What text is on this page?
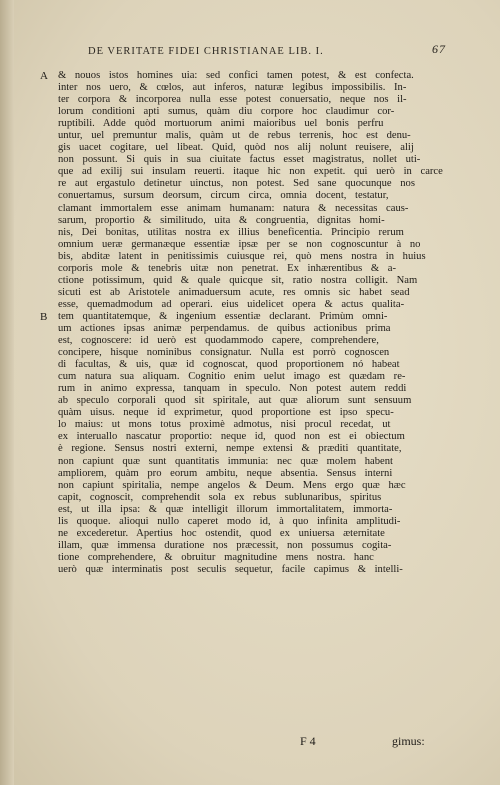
DE VERITATE FIDEI CHRISTIANAE LIB. I.	67
A & nouos istos homines uia: sed confici tamen potest, & est confecta.
inter nos uero, & cœlos, aut inferos, naturæ legibus impossibilis. In-
ter corpora & incorporea nulla esse potest conuersatio, neque nos il-
lorum conditioni apti sumus, quàm diu corpore hoc claudimur cor-
ruptibili. Adde quòd mortuorum animi maioribus uel bonis perfru
untur, uel premuntur malis, quàm ut de rebus terrenis, hoc est denu-
gis uacet cogitare, uel libeat. Quid, quòd nos alij nolunt reuisere, alij
non possunt. Si quis in sua ciuitate factus esset magistratus, nollet uti-
que ad exilij sui insulam reuerti. itaque hic non expetit. qui uerò in carce
re aut ergastulo detinetur uinctus, non potest. Sed sane quocunque nos
conuertamus, sursum deorsum, circum circa, omnia docent, testatur,
clamant immortalem esse animam humanam: natura & necessitas caus-
sarum, proportio & similitudo, uita & congruentia, dignitas homi-
nis, Dei bonitas, utilitas nostra ex illius beneficentia. Principio rerum
omnium ueræ germanæque essentiæ ipsæ per se non cognoscuntur à no
bis, abditæ latent in penitissimis cuiusque rei, quò mens nostra in huius
corporis mole & tenebris uitæ non penetrat. Ex inhærentibus & a-
ctione potissimum, quid & quale quicque sit, ratio nostra colligit. Nam
sicuti est ab Aristotele animaduersum acute, res omnis sic habet sead
esse, quemadmodum ad operari. eius uidelicet opera & actus qualita-
B tem quantitatemque, & ingenium essentiæ declarant. Primùm omni-
um actiones ipsas animæ perpendamus. de quibus actionibus prima
est, cognoscere: id uerò est quodammodo capere, comprehendere,
concipere, hisque nominibus consignatur. Nulla est porrò cognoscen
di facultas, & uis, quæ id cognoscat, quod proportionem nó habeat
cum natura sua aliquam. Cognitio enim uelut imago est quædam re-
rum in animo expressa, tanquam in speculo. Non potest autem reddi
ab speculo corporali quod sit spiritale, aut quæ aliorum sunt sensuum
quàm uisus. neque id exprimetur, quod proportione est ipso specu-
lo maius: ut mons totus proximè admotus, nisi procul recedat, ut
ex interuallo nascatur proportio: neque id, quod non est ei obiectum
è regione. Sensus nostri externi, nempe extensi & præditi quantitate,
non capiunt quæ sunt quantitatis immunia: nec quæ molem habent
ampliorem, quàm pro eorum ambitu, neque absentia. Sensus interni
non capiunt spiritalia, nempe angelos & Deum. Mens ergo quæ hæc
capit, cognoscit, comprehendit sola ex rebus sublunaribus, spiritus
est, ut illa ipsa: & quæ intelligit illorum immortalitatem, immorta-
lis quoque. alioqui nullo caperet modo id, à quo infinita amplitudi-
ne excederetur. Apertius hoc ostendit, quod ex uniuersa æternitate
illam, quæ immensa duratione nos præcessit, non possumus cogita-
tione comprehendere, & obruitur magnitudine mens nostra. hanc
uerò quæ interminatis post seculis sequetur, facile capimus & intelli-
F 4	gimus:
